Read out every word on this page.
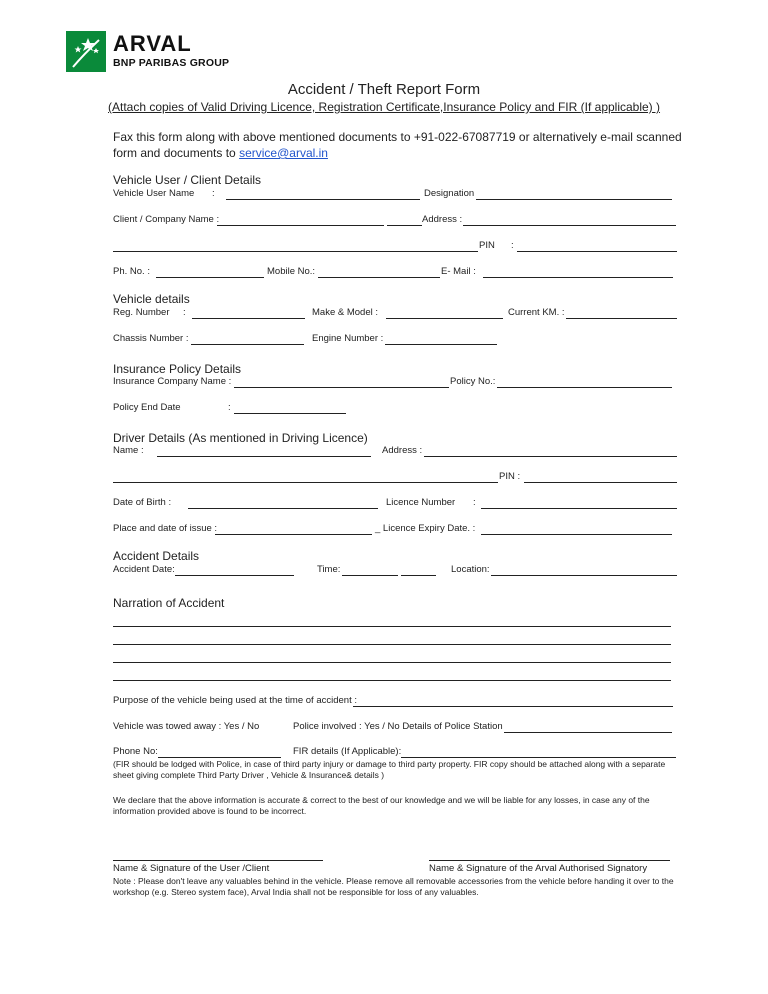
ARVAL
BNP PARIBAS GROUP
Accident / Theft Report Form
(Attach copies of Valid Driving Licence, Registration Certificate,Insurance Policy and FIR (If applicable) )
Fax this form along with above mentioned documents to +91-022-67087719 or alternatively e-mail scanned form and documents to service@arval.in
Vehicle User / Client Details
Vehicle User Name :	Designation
Client / Company Name :	Address :
PIN :
Ph. No. :	Mobile No.:	E- Mail :
Vehicle details
Reg. Number :	Make & Model :	Current KM. :
Chassis Number :	Engine Number :
Insurance Policy Details
Insurance Company Name :	Policy No.:
Policy End Date	:
Driver Details (As mentioned in Driving Licence)
Name :	Address :
PIN :
Date of Birth :	Licence Number :
Place and date of issue :	_ Licence Expiry Date. :
Accident Details
Accident Date:	Time:	Location:
Narration of Accident
Purpose of the vehicle being used at the time of accident :
Vehicle was towed away : Yes / No	Police involved : Yes / No Details of Police Station
Phone No:	FIR details (If Applicable):
(FIR should be lodged with Police, in case of third party injury or damage to third party property. FIR copy should be attached along with a separate sheet giving complete Third Party Driver , Vehicle & Insurance& details )
We declare that the above information is accurate & correct to the best of our knowledge and we will be liable for any losses, in case any of the information provided above is found to be incorrect.
Name & Signature of the User /Client	Name & Signature of the Arval Authorised Signatory
Note : Please don't leave any valuables behind in the vehicle. Please remove all removable accessories from the vehicle before handing it over to the workshop (e.g. Stereo system face), Arval India shall not be responsible for loss of any valuables.
